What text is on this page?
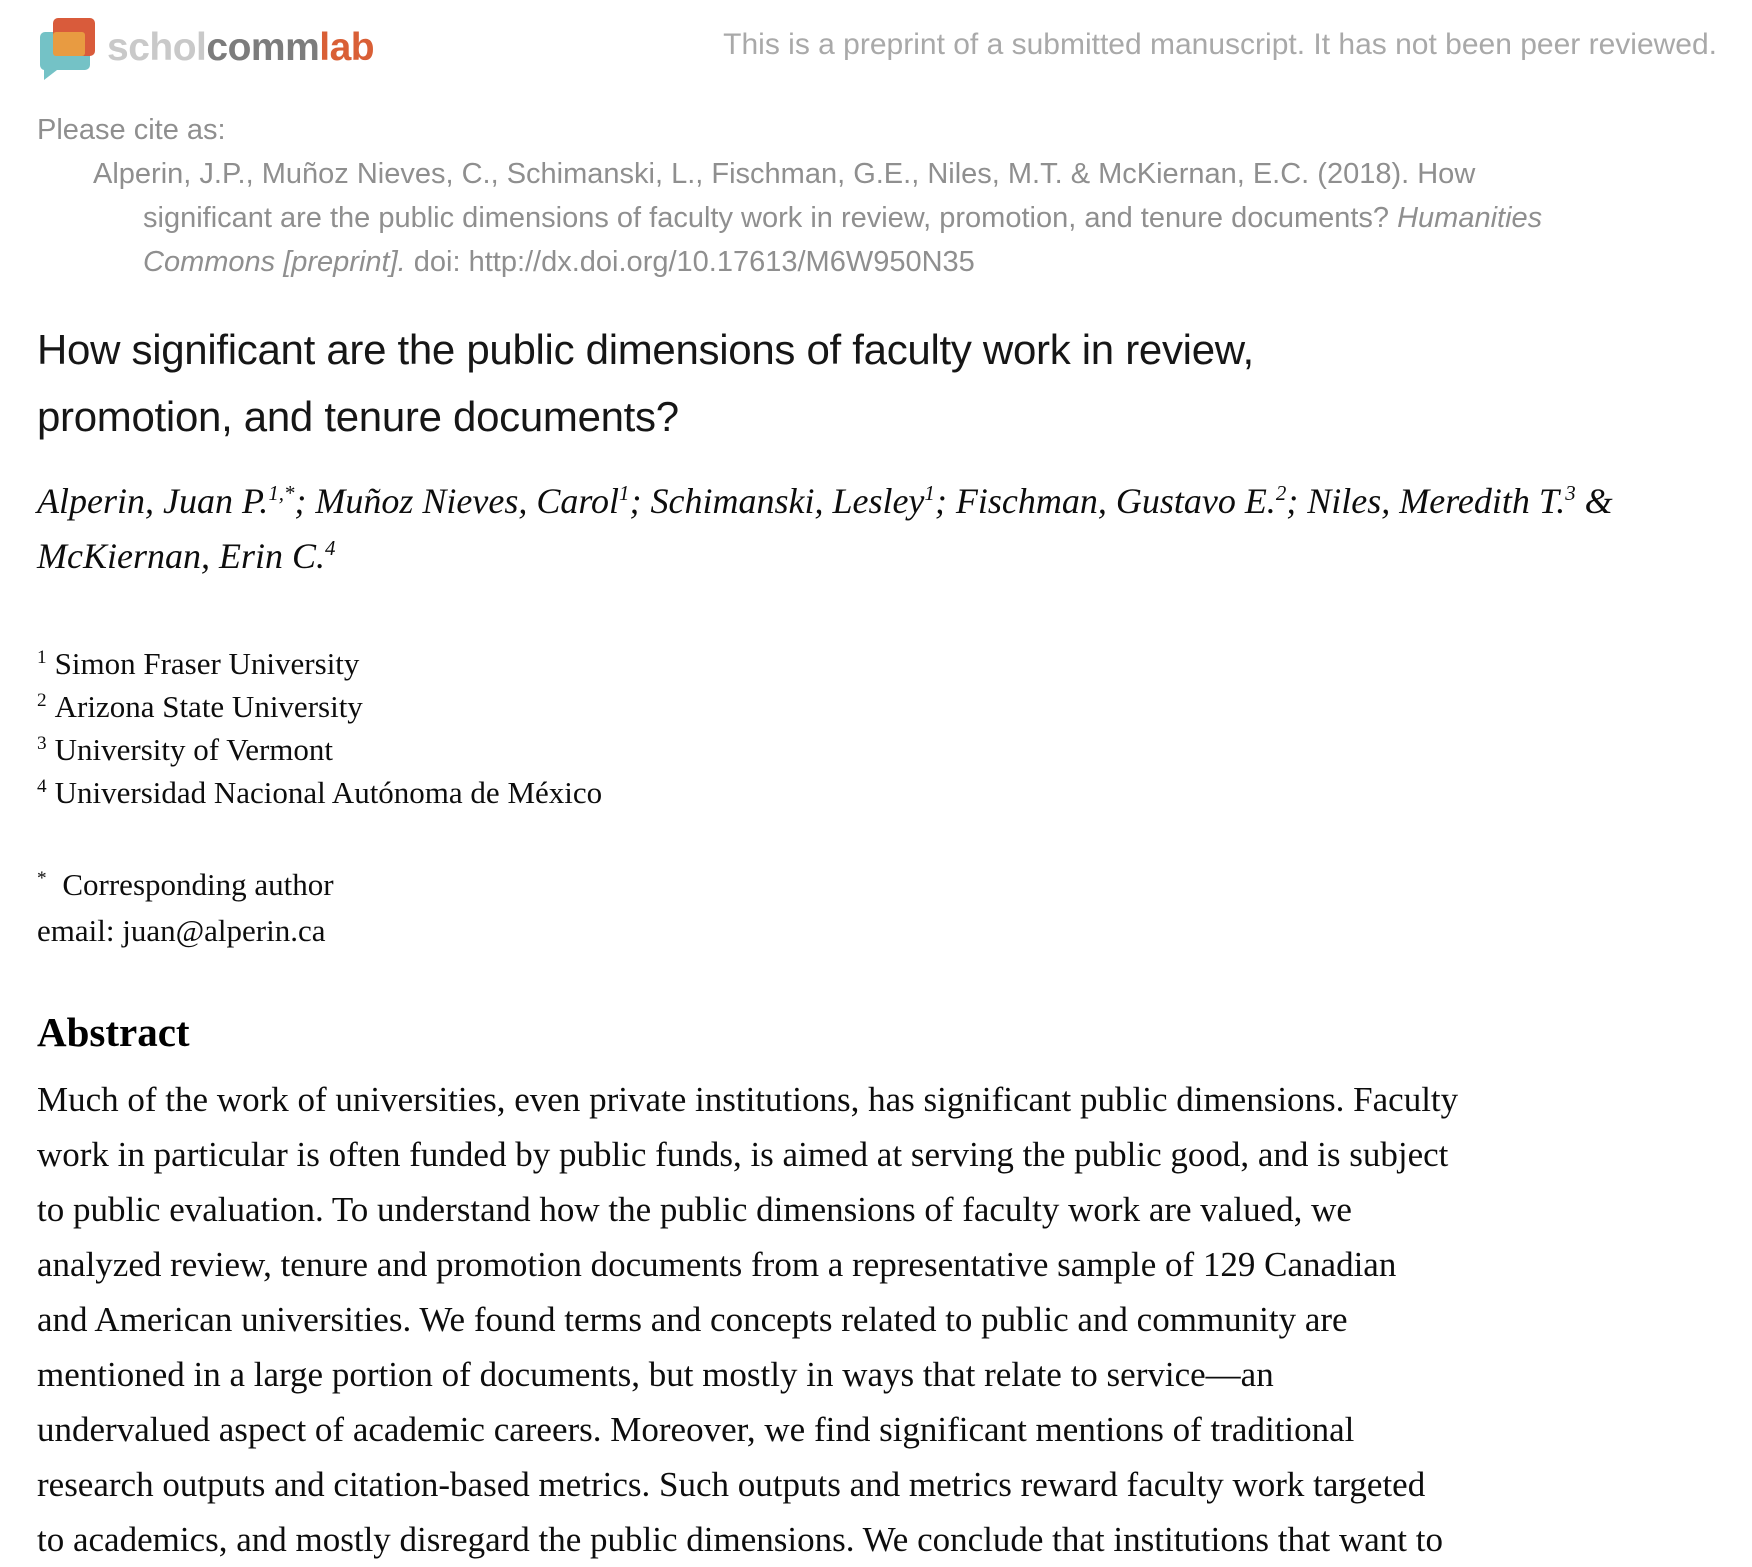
scholcommlab	This is a preprint of a submitted manuscript. It has not been peer reviewed.
Please cite as:
Alperin, J.P., Muñoz Nieves, C., Schimanski, L., Fischman, G.E., Niles, M.T. & McKiernan, E.C. (2018). How
significant are the public dimensions of faculty work in review, promotion, and tenure documents? Humanities
Commons [preprint]. doi: http://dx.doi.org/10.17613/M6W950N35
How significant are the public dimensions of faculty work in review,
promotion, and tenure documents?
Alperin, Juan P.$^{1,*}$; Muñoz Nieves, Carol$^1$; Schimanski, Lesley$^1$; Fischman, Gustavo E.$^2$; Niles, Meredith T.$^3$ &
McKiernan, Erin C.$^4$
$^1$ Simon Fraser University
$^2$ Arizona State University
$^3$ University of Vermont
$^4$ Universidad Nacional Autónoma de México
* Corresponding author
email: juan@alperin.ca
Abstract
Much of the work of universities, even private institutions, has significant public dimensions. Faculty
work in particular is often funded by public funds, is aimed at serving the public good, and is subject
to public evaluation. To understand how the public dimensions of faculty work are valued, we
analyzed review, tenure and promotion documents from a representative sample of 129 Canadian
and American universities. We found terms and concepts related to public and community are
mentioned in a large portion of documents, but mostly in ways that relate to service—an
undervalued aspect of academic careers. Moreover, we find significant mentions of traditional
research outputs and citation-based metrics. Such outputs and metrics reward faculty work targeted
to academics, and mostly disregard the public dimensions. We conclude that institutions that want to
